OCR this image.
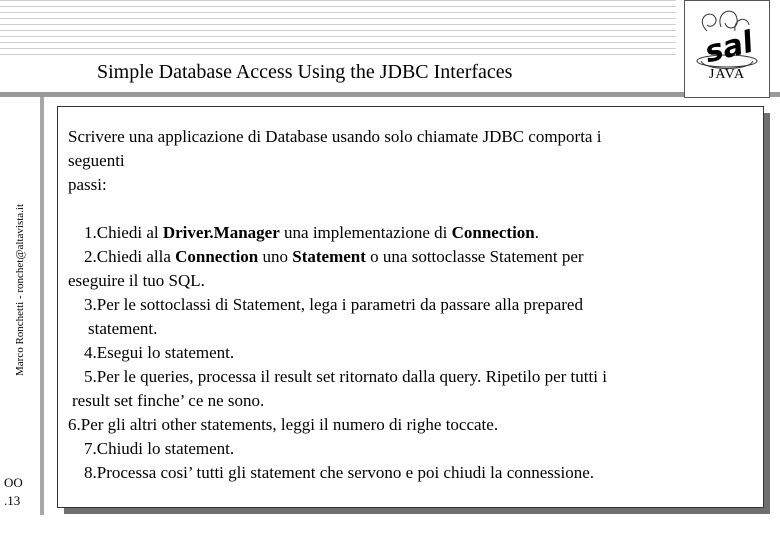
Simple Database Access Using the JDBC Interfaces
sal
JAVA
Marco Ronchetti - ronchet@altavista.it
OO
.13
Scrivere una applicazione di Database usando solo chiamate JDBC comporta i
seguenti
passi:
1.Chiedi al Driver.Manager una implementazione di Connection.
2.Chiedi alla Connection uno Statement o una sottoclasse Statement per
eseguire il tuo SQL.
3.Per le sottoclassi di Statement, lega i parametri da passare alla prepared
statement.
4.Esegui lo statement.
5.Per le queries, processa il result set ritornato dalla query. Ripetilo per tutti i
result set finche’ ce ne sono.
6.Per gli altri other statements, leggi il numero di righe toccate.
7.Chiudi lo statement.
8.Processa cosi’ tutti gli statement che servono e poi chiudi la connessione.
